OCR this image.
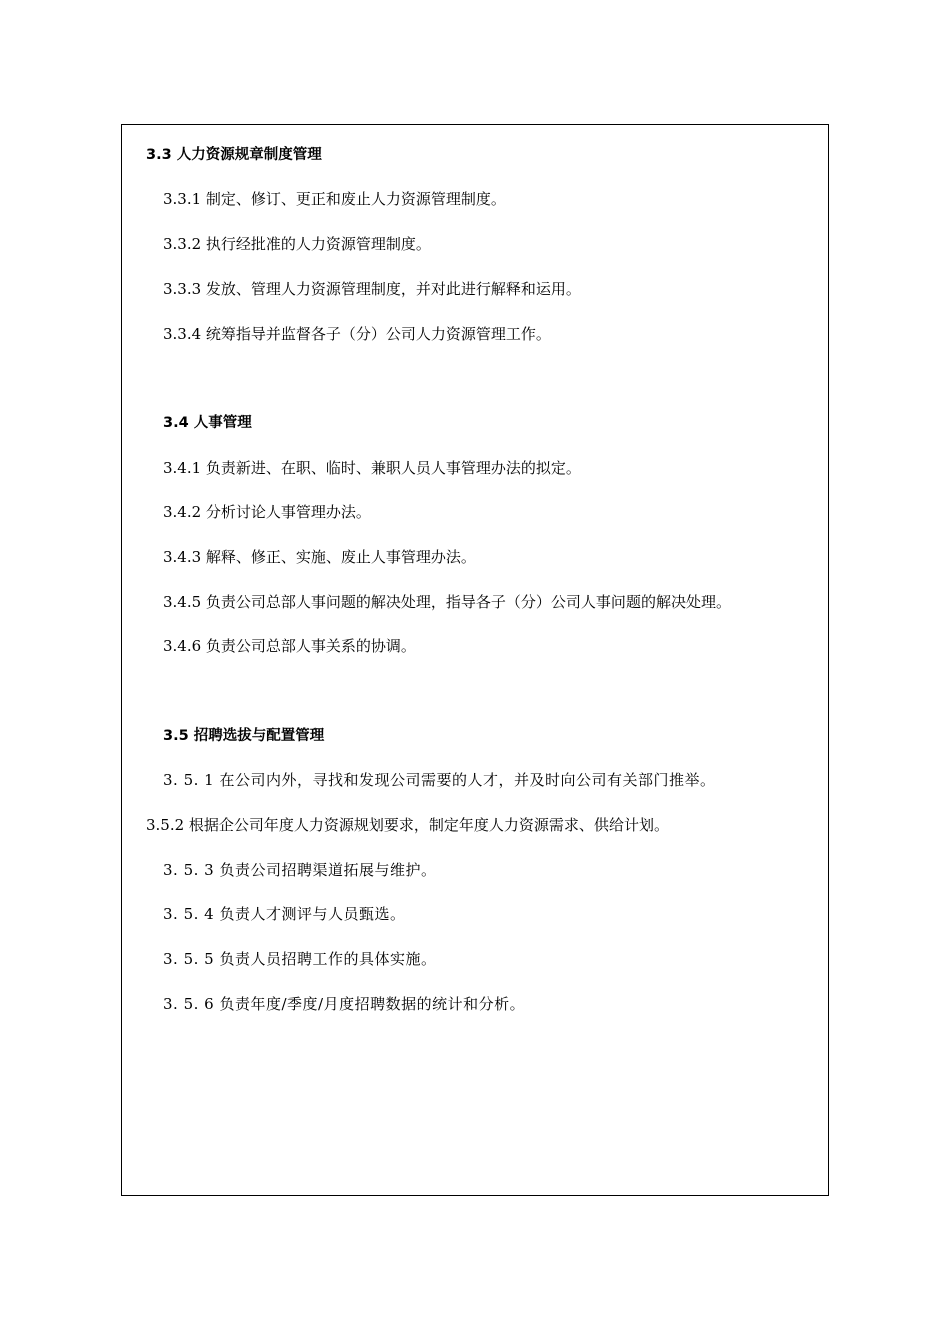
3.3 人力资源规章制度管理
3.3.1 制定、修订、更正和废止人力资源管理制度。
3.3.2 执行经批准的人力资源管理制度。
3.3.3 发放、管理人力资源管理制度，并对此进行解释和运用。
3.3.4 统筹指导并监督各子（分）公司人力资源管理工作。
3.4 人事管理
3.4.1 负责新进、在职、临时、兼职人员人事管理办法的拟定。
3.4.2 分析讨论人事管理办法。
3.4.3 解释、修正、实施、废止人事管理办法。
3.4.5 负责公司总部人事问题的解决处理，指导各子（分）公司人事问题的解决处理。
3.4.6 负责公司总部人事关系的协调。
3.5 招聘选拔与配置管理
3. 5. 1 在公司内外，寻找和发现公司需要的人才，并及时向公司有关部门推举。
3.5.2 根据企公司年度人力资源规划要求，制定年度人力资源需求、供给计划。
3. 5. 3 负责公司招聘渠道拓展与维护。
3. 5. 4 负责人才测评与人员甄选。
3. 5. 5 负责人员招聘工作的具体实施。
3. 5. 6 负责年度/季度/月度招聘数据的统计和分析。
